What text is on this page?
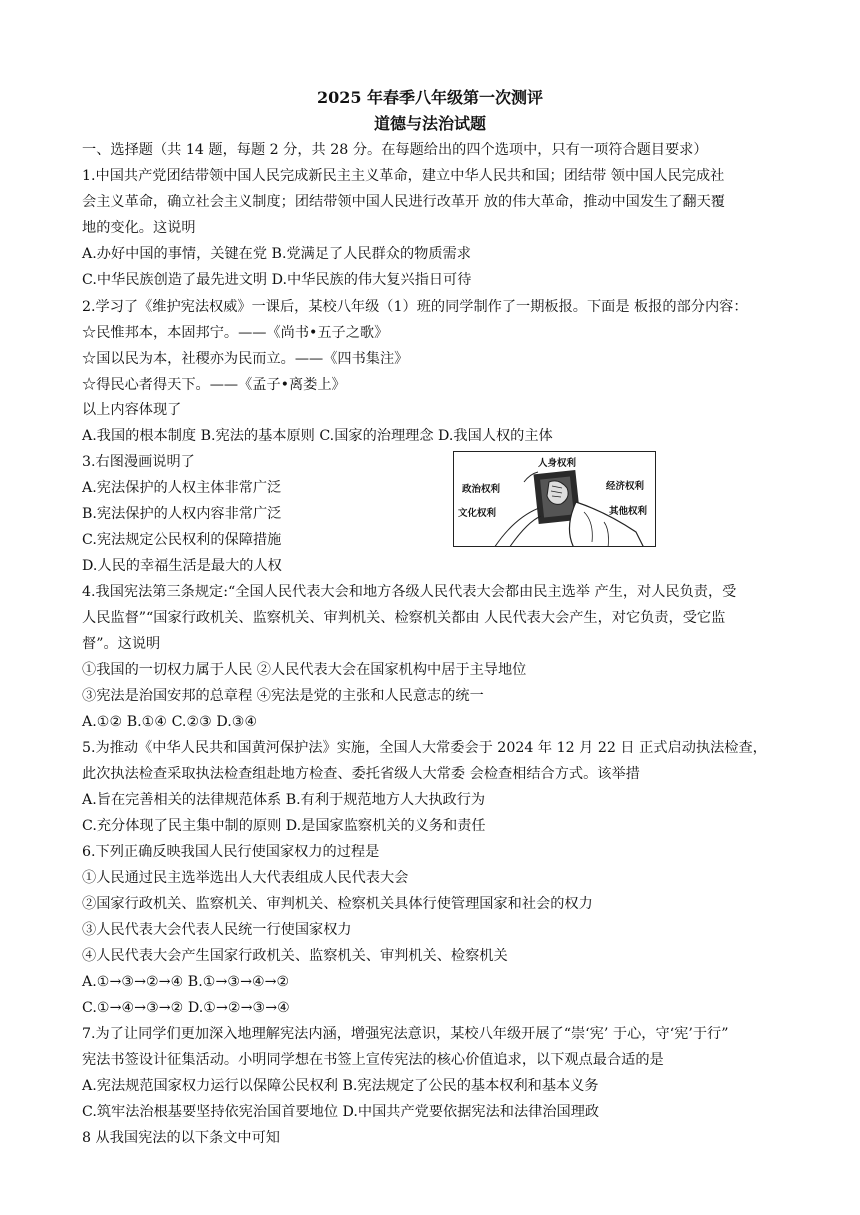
2025 年春季八年级第一次测评
道德与法治试题
一、选择题（共 14 题，每题 2 分，共 28 分。在每题给出的四个选项中，只有一项符合题目要求）
1.中国共产党团结带领中国人民完成新民主主义革命，建立中华人民共和国；团结带 领中国人民完成社
会主义革命，确立社会主义制度；团结带领中国人民进行改革开 放的伟大革命，推动中国发生了翻天覆
地的变化。这说明
A.办好中国的事情，关键在党 B.党满足了人民群众的物质需求
C.中华民族创造了最先进文明 D.中华民族的伟大复兴指日可待
2.学习了《维护宪法权威》一课后，某校八年级（1）班的同学制作了一期板报。下面是 板报的部分内容：
☆民惟邦本，本固邦宁。——《尚书•五子之歌》
☆国以民为本，社稷亦为民而立。——《四书集注》
☆得民心者得天下。——《孟子•离娄上》
以上内容体现了
A.我国的根本制度 B.宪法的基本原则 C.国家的治理理念 D.我国人权的主体
3.右图漫画说明了
A.宪法保护的人权主体非常广泛
B.宪法保护的人权内容非常广泛
C.宪法规定公民权利的保障措施
D.人民的幸福生活是最大的人权
4.我国宪法第三条规定:“全国人民代表大会和地方各级人民代表大会都由民主选举 产生，对人民负责，受
人民监督”“国家行政机关、监察机关、审判机关、检察机关都由 人民代表大会产生，对它负责，受它监
督”。这说明
①我国的一切权力属于人民 ②人民代表大会在国家机构中居于主导地位
③宪法是治国安邦的总章程 ④宪法是党的主张和人民意志的统一
A.①② B.①④ C.②③ D.③④
5.为推动《中华人民共和国黄河保护法》实施，全国人大常委会于 2024 年 12 月 22 日 正式启动执法检查，
此次执法检查采取执法检查组赴地方检查、委托省级人大常委 会检查相结合方式。该举措
A.旨在完善相关的法律规范体系 B.有利于规范地方人大执政行为
C.充分体现了民主集中制的原则 D.是国家监察机关的义务和责任
6.下列正确反映我国人民行使国家权力的过程是
①人民通过民主选举选出人大代表组成人民代表大会
②国家行政机关、监察机关、审判机关、检察机关具体行使管理国家和社会的权力
③人民代表大会代表人民统一行使国家权力
④人民代表大会产生国家行政机关、监察机关、审判机关、检察机关
A.①→③→②→④ B.①→③→④→②
C.①→④→③→② D.①→②→③→④
7.为了让同学们更加深入地理解宪法内涵，增强宪法意识，某校八年级开展了“崇‘宪’ 于心，守‘宪’于行”
宪法书签设计征集活动。小明同学想在书签上宣传宪法的核心价值追求，以下观点最合适的是
A.宪法规范国家权力运行以保障公民权利 B.宪法规定了公民的基本权利和基本义务
C.筑牢法治根基要坚持依宪治国首要地位 D.中国共产党要依据宪法和法律治国理政
8 从我国宪法的以下条文中可知
人身权利
政治权利
文化权利
经济权利
其他权利
